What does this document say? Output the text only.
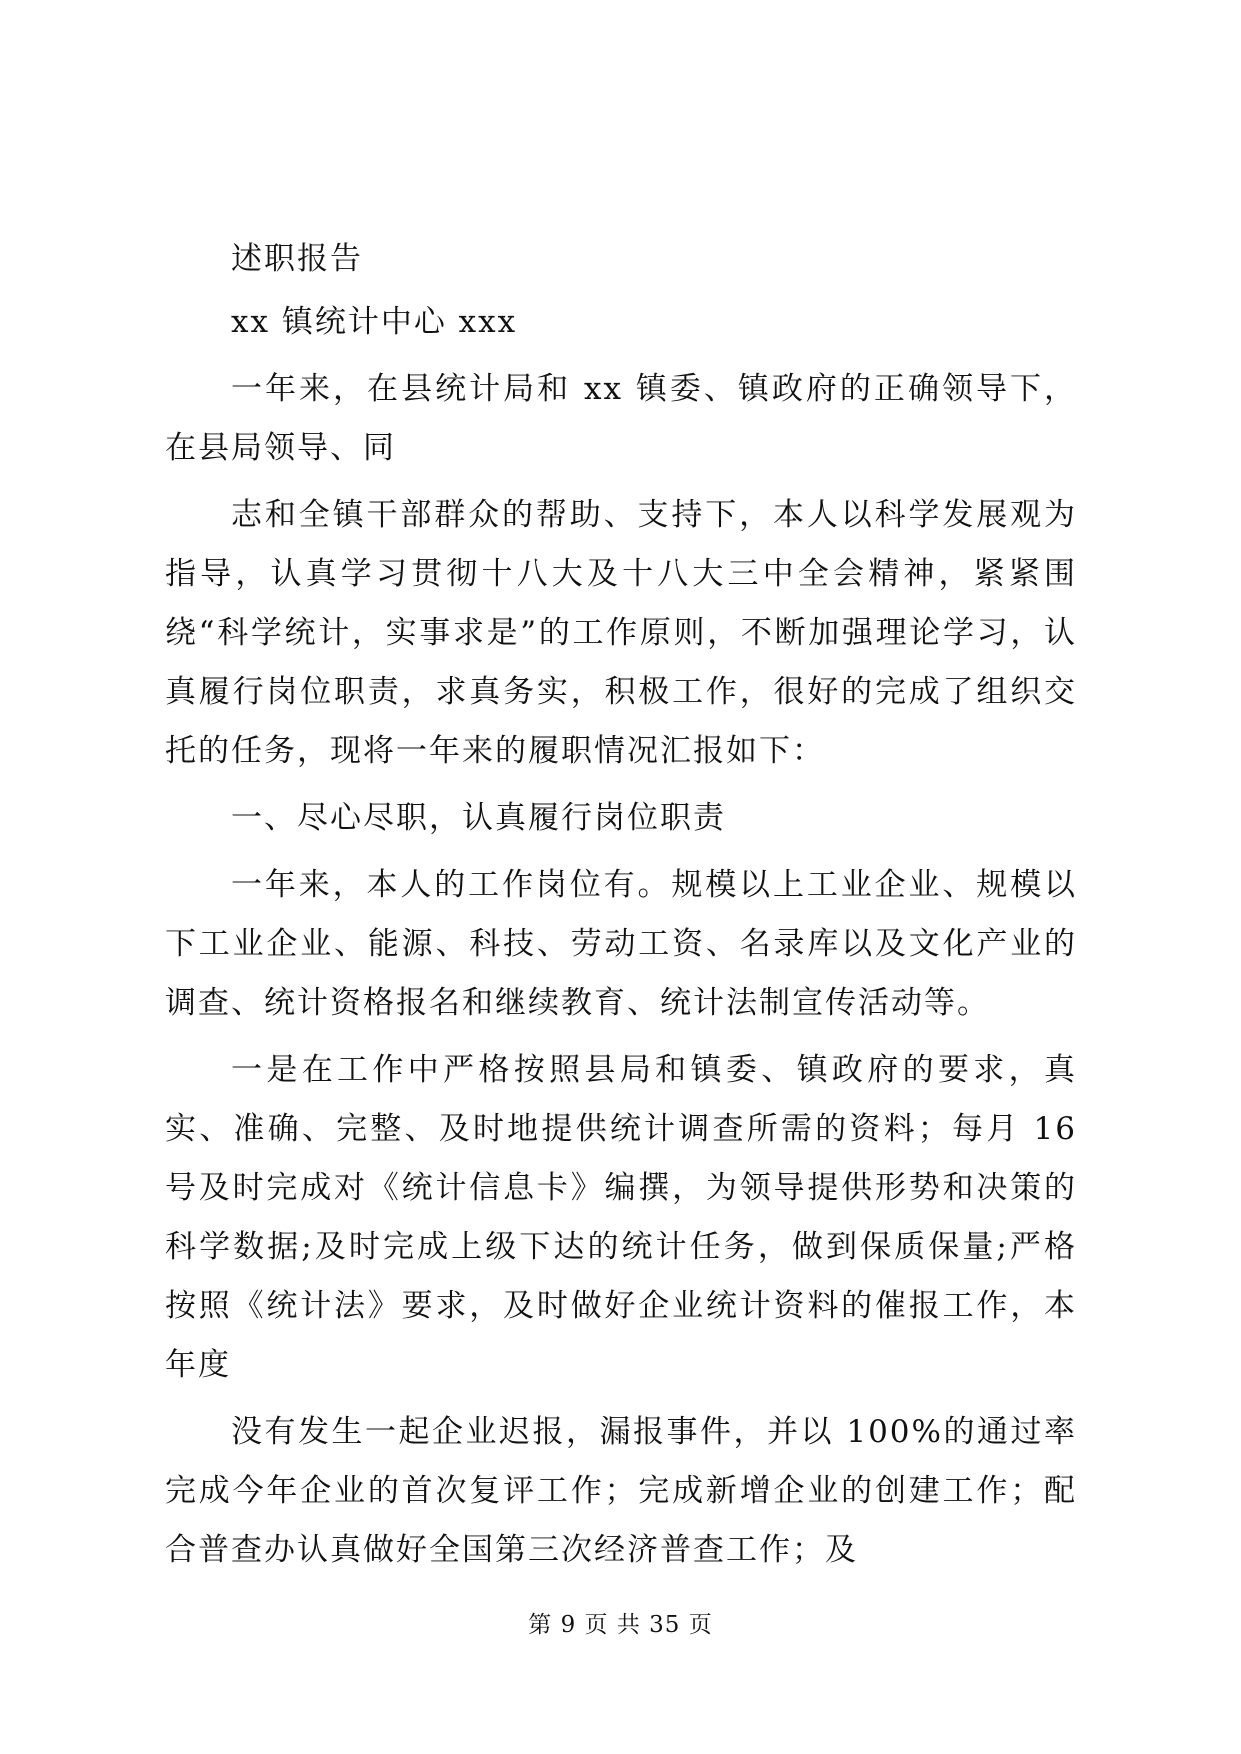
述职报告

xx 镇统计中心 xxx

一年来，在县统计局和 xx 镇委、镇政府的正确领导下，在县局领导、同

志和全镇干部群众的帮助、支持下，本人以科学发展观为指导，认真学习贯彻十八大及十八大三中全会精神，紧紧围绕“科学统计，实事求是”的工作原则，不断加强理论学习，认真履行岗位职责，求真务实，积极工作，很好的完成了组织交托的任务，现将一年来的履职情况汇报如下：

一、尽心尽职，认真履行岗位职责

一年来，本人的工作岗位有。规模以上工业企业、规模以下工业企业、能源、科技、劳动工资、名录库以及文化产业的调查、统计资格报名和继续教育、统计法制宣传活动等。

一是在工作中严格按照县局和镇委、镇政府的要求，真实、准确、完整、及时地提供统计调查所需的资料；每月 16 号及时完成对《统计信息卡》编撰，为领导提供形势和决策的科学数据;及时完成上级下达的统计任务，做到保质保量;严格按照《统计法》要求，及时做好企业统计资料的催报工作，本年度

没有发生一起企业迟报，漏报事件，并以 100%的通过率完成今年企业的首次复评工作；完成新增企业的创建工作；配合普查办认真做好全国第三次经济普查工作；及

第 9 页 共 35 页
